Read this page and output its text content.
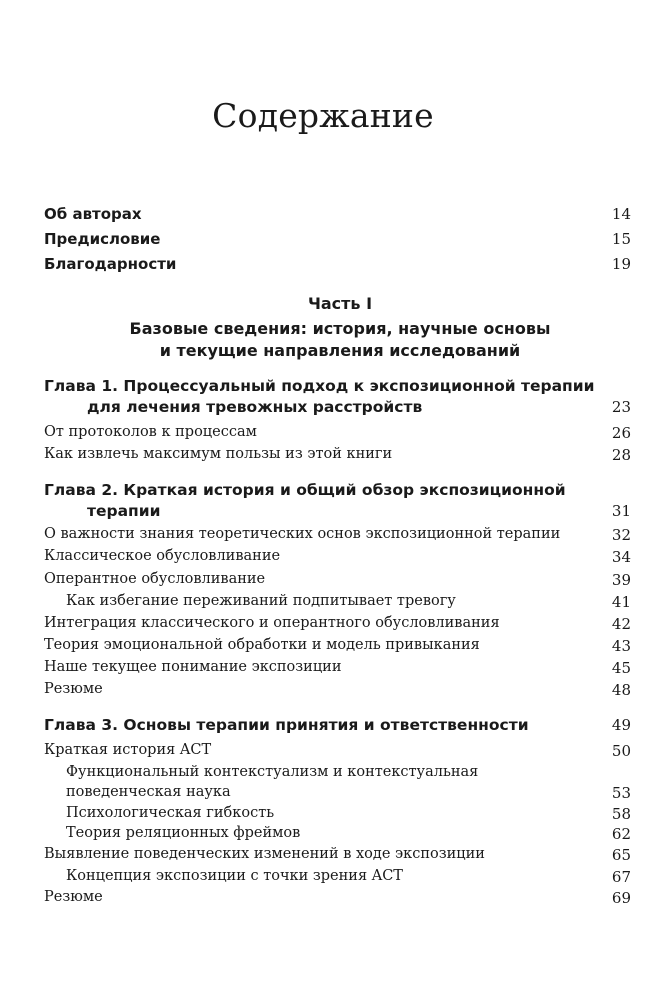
Содержание
Об авторах	14
Предисловие	15
Благодарности	19
Часть I
Базовые сведения: история, научные основы
и текущие направления исследований
Глава 1. Процессуальный подход к экспозиционной терапии
для лечения тревожных расстройств	23
От протоколов к процессам	26
Как извлечь максимум пользы из этой книги	28
Глава 2. Краткая история и общий обзор экспозиционной
терапии	31
О важности знания теоретических основ экспозиционной терапии	32
Классическое обусловливание	34
Оперантное обусловливание	39
Как избегание переживаний подпитывает тревогу	41
Интеграция классического и оперантного обусловливания	42
Теория эмоциональной обработки и модель привыкания	43
Наше текущее понимание экспозиции	45
Резюме	48
Глава 3. Основы терапии принятия и ответственности	49
Краткая история ACT	50
Функциональный контекстуализм и контекстуальная
поведенческая наука	53
Психологическая гибкость	58
Теория реляционных фреймов	62
Выявление поведенческих изменений в ходе экспозиции	65
Концепция экспозиции с точки зрения ACT	67
Резюме	69
